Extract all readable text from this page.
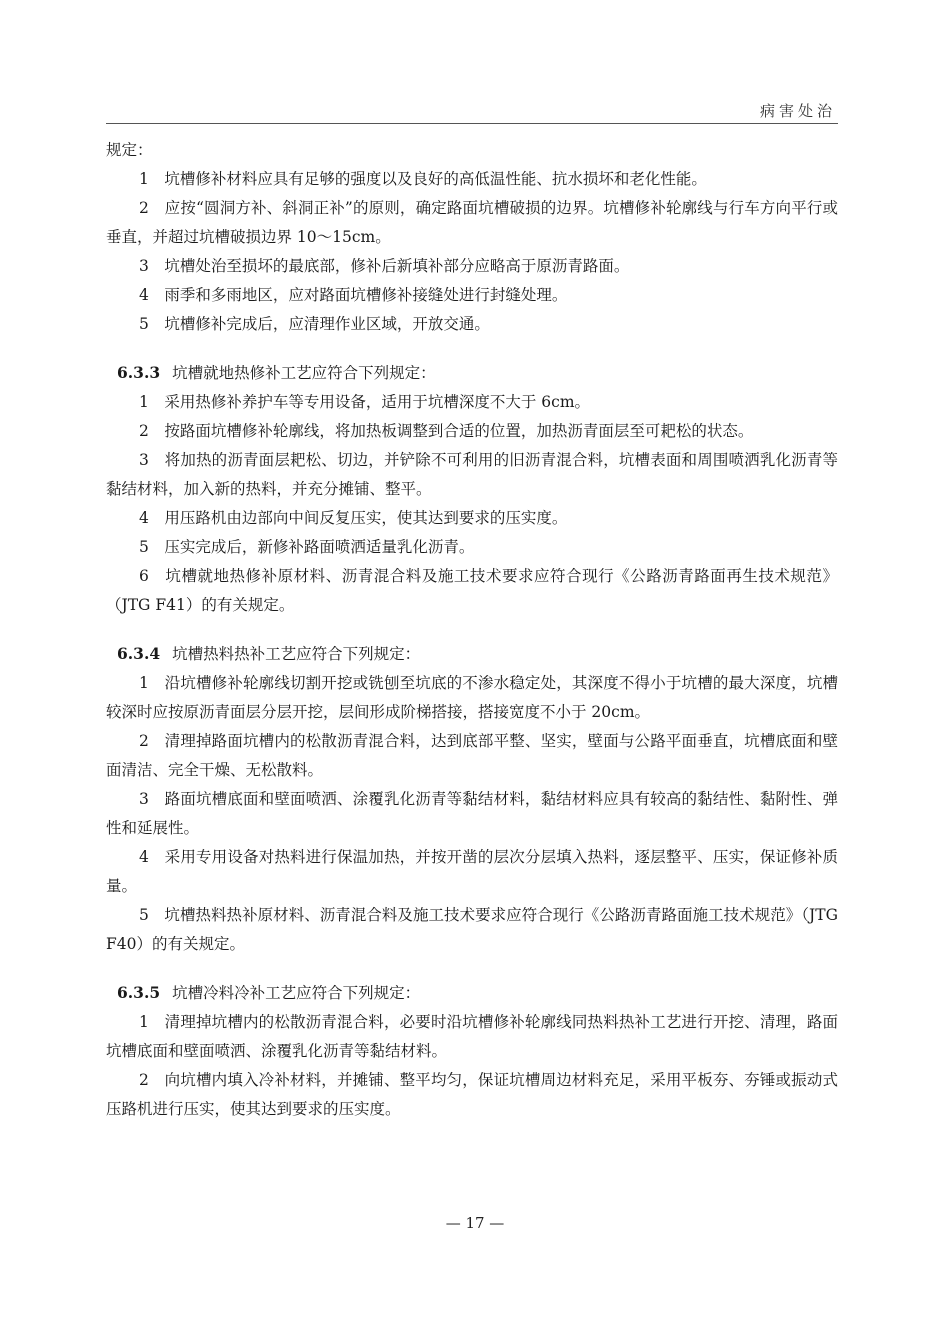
病害处治

规定：

1　坑槽修补材料应具有足够的强度以及良好的高低温性能、抗水损坏和老化性能。

2　应按“圆洞方补、斜洞正补”的原则，确定路面坑槽破损的边界。坑槽修补轮廓线与行车方向平行或垂直，并超过坑槽破损边界 10～15cm。

3　坑槽处治至损坏的最底部，修补后新填补部分应略高于原沥青路面。

4　雨季和多雨地区，应对路面坑槽修补接缝处进行封缝处理。

5　坑槽修补完成后，应清理作业区域，开放交通。

6.3.3 坑槽就地热修补工艺应符合下列规定：

1　采用热修补养护车等专用设备，适用于坑槽深度不大于 6cm。

2　按路面坑槽修补轮廓线，将加热板调整到合适的位置，加热沥青面层至可耙松的状态。

3　将加热的沥青面层耙松、切边，并铲除不可利用的旧沥青混合料，坑槽表面和周围喷洒乳化沥青等黏结材料，加入新的热料，并充分摊铺、整平。

4　用压路机由边部向中间反复压实，使其达到要求的压实度。

5　压实完成后，新修补路面喷洒适量乳化沥青。

6　坑槽就地热修补原材料、沥青混合料及施工技术要求应符合现行《公路沥青路面再生技术规范》（JTG F41）的有关规定。

6.3.4 坑槽热料热补工艺应符合下列规定：

1　沿坑槽修补轮廓线切割开挖或铣刨至坑底的不渗水稳定处，其深度不得小于坑槽的最大深度，坑槽较深时应按原沥青面层分层开挖，层间形成阶梯搭接，搭接宽度不小于 20cm。

2　清理掉路面坑槽内的松散沥青混合料，达到底部平整、坚实，壁面与公路平面垂直，坑槽底面和壁面清洁、完全干燥、无松散料。

3　路面坑槽底面和壁面喷洒、涂覆乳化沥青等黏结材料，黏结材料应具有较高的黏结性、黏附性、弹性和延展性。

4　采用专用设备对热料进行保温加热，并按开凿的层次分层填入热料，逐层整平、压实，保证修补质量。

5　坑槽热料热补原材料、沥青混合料及施工技术要求应符合现行《公路沥青路面施工技术规范》（JTG F40）的有关规定。

6.3.5 坑槽冷料冷补工艺应符合下列规定：

1　清理掉坑槽内的松散沥青混合料，必要时沿坑槽修补轮廓线同热料热补工艺进行开挖、清理，路面坑槽底面和壁面喷洒、涂覆乳化沥青等黏结材料。

2　向坑槽内填入冷补材料，并摊铺、整平均匀，保证坑槽周边材料充足，采用平板夯、夯锤或振动式压路机进行压实，使其达到要求的压实度。

— 17 —
